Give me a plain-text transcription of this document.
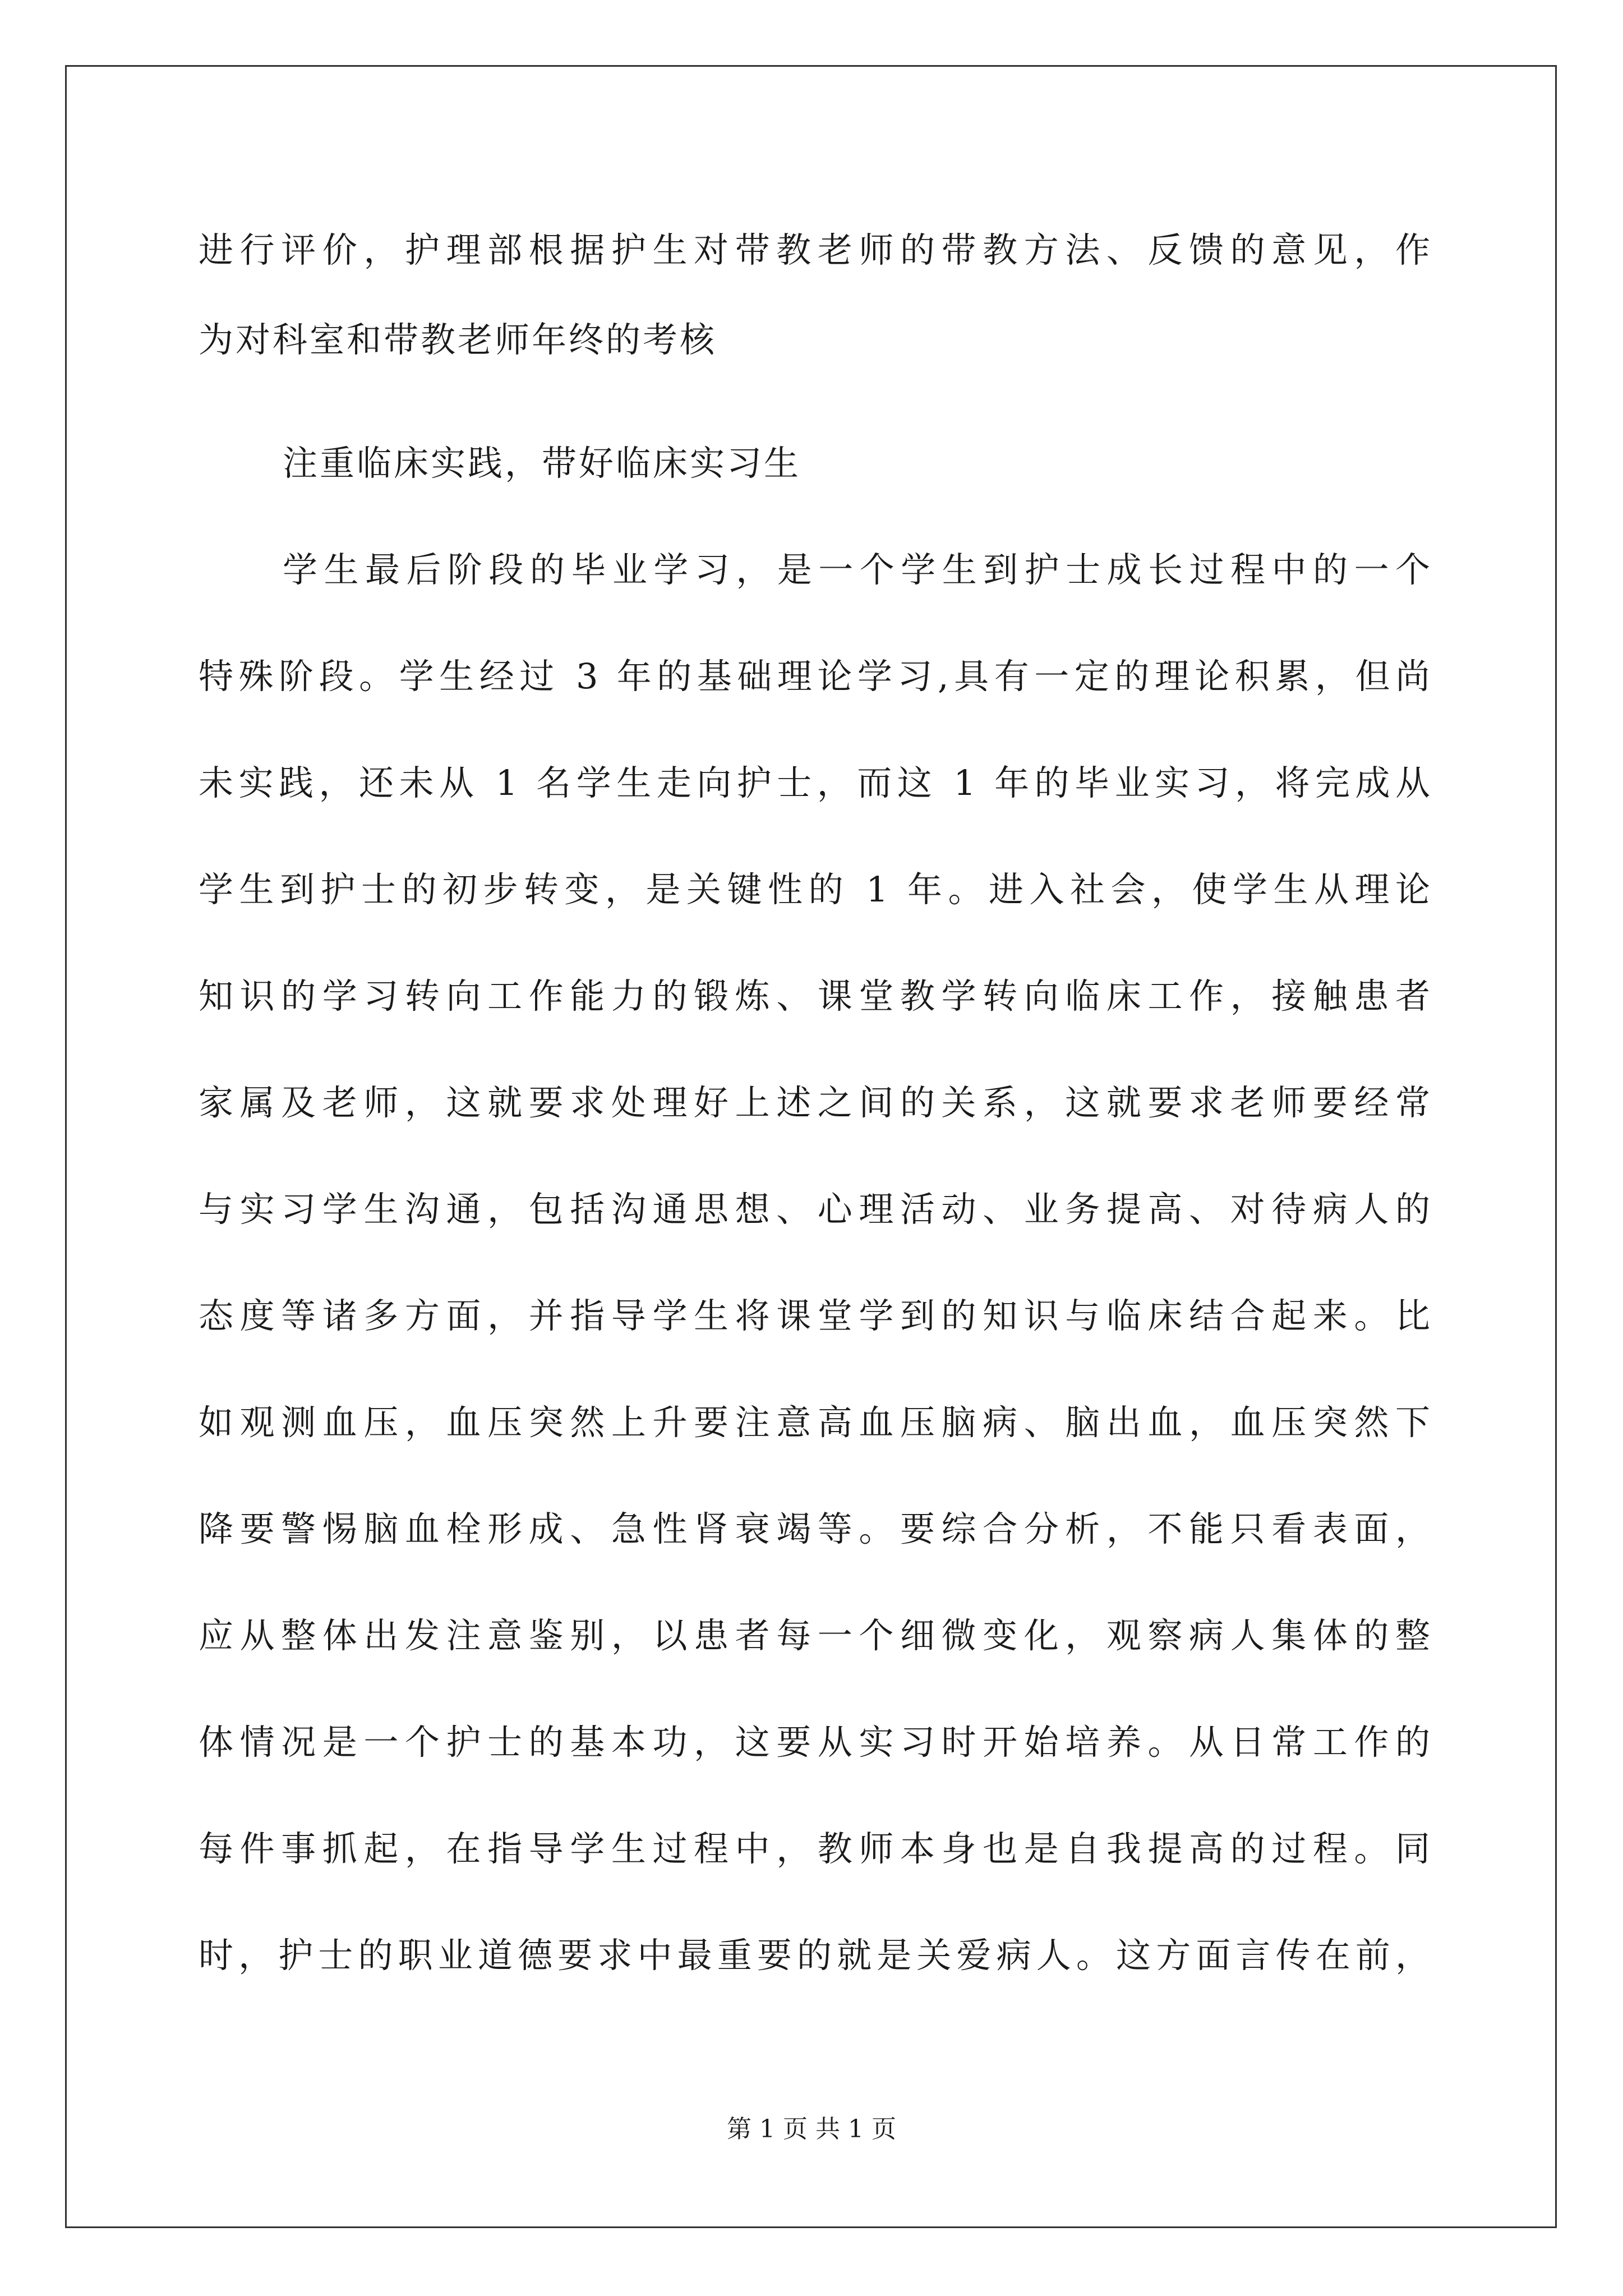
进行评价，护理部根据护生对带教老师的带教方法、反馈的意见，作
为对科室和带教老师年终的考核
注重临床实践，带好临床实习生
学生最后阶段的毕业学习，是一个学生到护士成长过程中的一个
特殊阶段。学生经过 3 年的基础理论学习,具有一定的理论积累，但尚
未实践，还未从 1 名学生走向护士，而这 1 年的毕业实习，将完成从
学生到护士的初步转变，是关键性的 1 年。进入社会，使学生从理论
知识的学习转向工作能力的锻炼、课堂教学转向临床工作，接触患者
家属及老师，这就要求处理好上述之间的关系，这就要求老师要经常
与实习学生沟通，包括沟通思想、心理活动、业务提高、对待病人的
态度等诸多方面，并指导学生将课堂学到的知识与临床结合起来。比
如观测血压，血压突然上升要注意高血压脑病、脑出血，血压突然下
降要警惕脑血栓形成、急性肾衰竭等。要综合分析，不能只看表面，
应从整体出发注意鉴别，以患者每一个细微变化，观察病人集体的整
体情况是一个护士的基本功，这要从实习时开始培养。从日常工作的
每件事抓起，在指导学生过程中，教师本身也是自我提高的过程。同
时，护士的职业道德要求中最重要的就是关爱病人。这方面言传在前，
第 1 页 共 1 页
